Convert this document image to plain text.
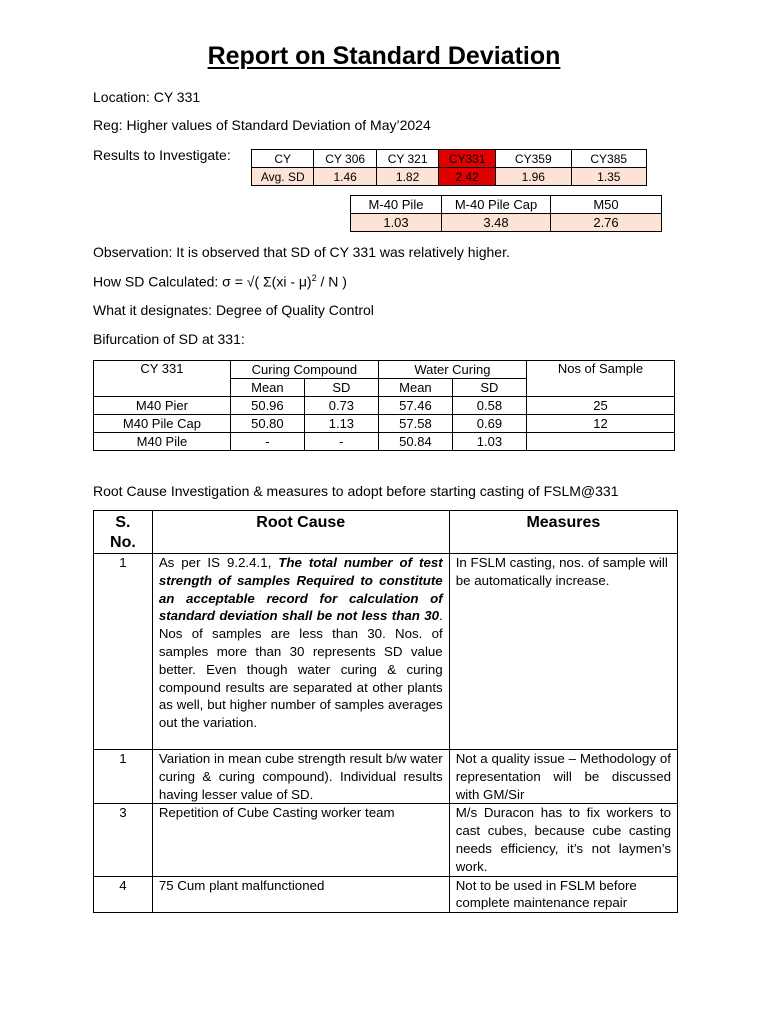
Report on Standard Deviation
Location: CY 331
Reg: Higher values of Standard Deviation of May’2024
Results to Investigate:	CY	CY 306	CY 321	CY331	CY359	CY385
Avg. SD	1.46	1.82	2.42	1.96	1.35
M-40 Pile	M-40 Pile Cap	M50
1.03	3.48	2.76
Observation: It is observed that SD of CY 331 was relatively higher.
How SD Calculated: σ = √( Σ(xi - μ)$^2$ / N )
What it designates: Degree of Quality Control
Bifurcation of SD at 331:
CY 331	Curing Compound		Water Curing		Nos of Sample
	Mean	SD	Mean	SD	
M40 Pier	50.96	0.73	57.46	0.58	25
M40 Pile Cap	50.80	1.13	57.58	0.69	12
M40 Pile	-	-	50.84	1.03	
Root Cause Investigation & measures to adopt before starting casting of FSLM@331
S.
No.	Root Cause	Measures
1	As per IS 9.2.4.1, The total number of test strength of samples Required to constitute an acceptable record for calculation of standard deviation shall be not less than 30. Nos of samples are less than 30. Nos. of samples more than 30 represents SD value better. Even though water curing & curing compound results are separated at other plants as well, but higher number of samples averages out the variation.	In FSLM casting, nos. of sample will be automatically increase.
1	Variation in mean cube strength result b/w water curing & curing compound). Individual results having lesser value of SD.	Not a quality issue – Methodology of representation will be discussed with GM/Sir
3	Repetition of Cube Casting worker team	M/s Duracon has to fix workers to cast cubes, because cube casting needs efficiency, it’s not laymen’s work.
4	75 Cum plant malfunctioned	Not to be used in FSLM before complete maintenance repair
